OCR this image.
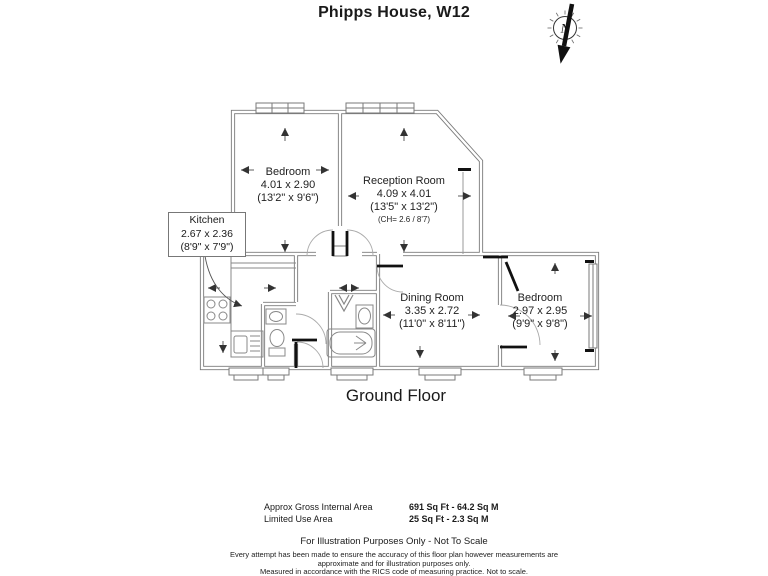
Phipps House, W12
N
Bedroom
4.01 x 2.90
(13'2" x 9'6")
Reception Room
4.09 x 4.01
(13'5" x 13'2")
(CH= 2.6 / 8'7)
Kitchen
2.67 x 2.36
(8'9" x 7'9")
Dining Room
3.35 x 2.72
(11'0" x 8'11")
Bedroom
2.97 x 2.95
(9'9" x 9'8")
Ground Floor
Approx Gross Internal Area	691 Sq Ft - 64.2 Sq M
Limited Use Area	25 Sq Ft - 2.3 Sq M
For Illustration Purposes Only - Not To Scale
Every attempt has been made to ensure the accuracy of this floor plan however measurements are
approximate and for illustration purposes only.
Measured in accordance with the RICS code of measuring practice. Not to scale.
